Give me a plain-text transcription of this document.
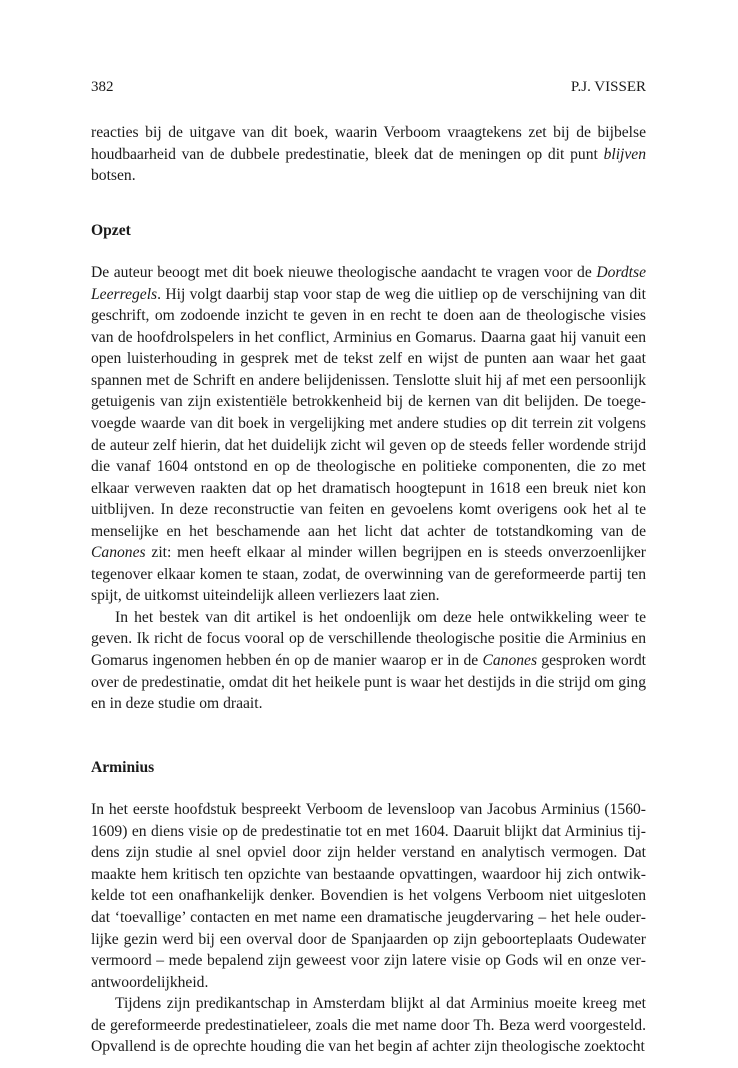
382	P.J. VISSER

reacties bij de uitgave van dit boek, waarin Verboom vraagtekens zet bij de bijbelse houdbaarheid van de dubbele predestinatie, bleek dat de meningen op dit punt blijven botsen.

Opzet

De auteur beoogt met dit boek nieuwe theologische aandacht te vragen voor de Dordtse Leerregels. Hij volgt daarbij stap voor stap de weg die uitliep op de verschijning van dit geschrift, om zodoende inzicht te geven in en recht te doen aan de theologische visies van de hoofdrolspelers in het conflict, Arminius en Gomarus. Daarna gaat hij vanuit een open luisterhouding in gesprek met de tekst zelf en wijst de punten aan waar het gaat spannen met de Schrift en andere belijdenissen. Tenslotte sluit hij af met een persoonlijk getuigenis van zijn existentiële betrokkenheid bij de kernen van dit belijden. De toegevoegde waarde van dit boek in vergelijking met andere studies op dit terrein zit volgens de auteur zelf hierin, dat het duidelijk zicht wil geven op de steeds feller wordende strijd die vanaf 1604 ontstond en op de theologische en politieke componenten, die zo met elkaar verweven raakten dat op het dramatisch hoogtepunt in 1618 een breuk niet kon uitblijven. In deze reconstructie van feiten en gevoelens komt overigens ook het al te menselijke en het beschamende aan het licht dat achter de totstandkoming van de Canones zit: men heeft elkaar al minder willen begrijpen en is steeds onverzoenlijker tegenover elkaar komen te staan, zodat, de overwinning van de gereformeerde partij ten spijt, de uitkomst uiteindelijk alleen verliezers laat zien.

In het bestek van dit artikel is het ondoenlijk om deze hele ontwikkeling weer te geven. Ik richt de focus vooral op de verschillende theologische positie die Arminius en Gomarus ingenomen hebben én op de manier waarop er in de Canones gesproken wordt over de predestinatie, omdat dit het heikele punt is waar het destijds in die strijd om ging en in deze studie om draait.

Arminius

In het eerste hoofdstuk bespreekt Verboom de levensloop van Jacobus Arminius (1560-1609) en diens visie op de predestinatie tot en met 1604. Daaruit blijkt dat Arminius tijdens zijn studie al snel opviel door zijn helder verstand en analytisch vermogen. Dat maakte hem kritisch ten opzichte van bestaande opvattingen, waardoor hij zich ontwikkelde tot een onafhankelijk denker. Bovendien is het volgens Verboom niet uitgesloten dat ‘toevallige’ contacten en met name een dramatische jeugdervaring – het hele ouderlijke gezin werd bij een overval door de Spanjaarden op zijn geboorteplaats Oudewater vermoord – mede bepalend zijn geweest voor zijn latere visie op Gods wil en onze verantwoordelijkheid.

Tijdens zijn predikantschap in Amsterdam blijkt al dat Arminius moeite kreeg met de gereformeerde predestinatieleer, zoals die met name door Th. Beza werd voorgesteld. Opvallend is de oprechte houding die van het begin af achter zijn theologische zoektocht
